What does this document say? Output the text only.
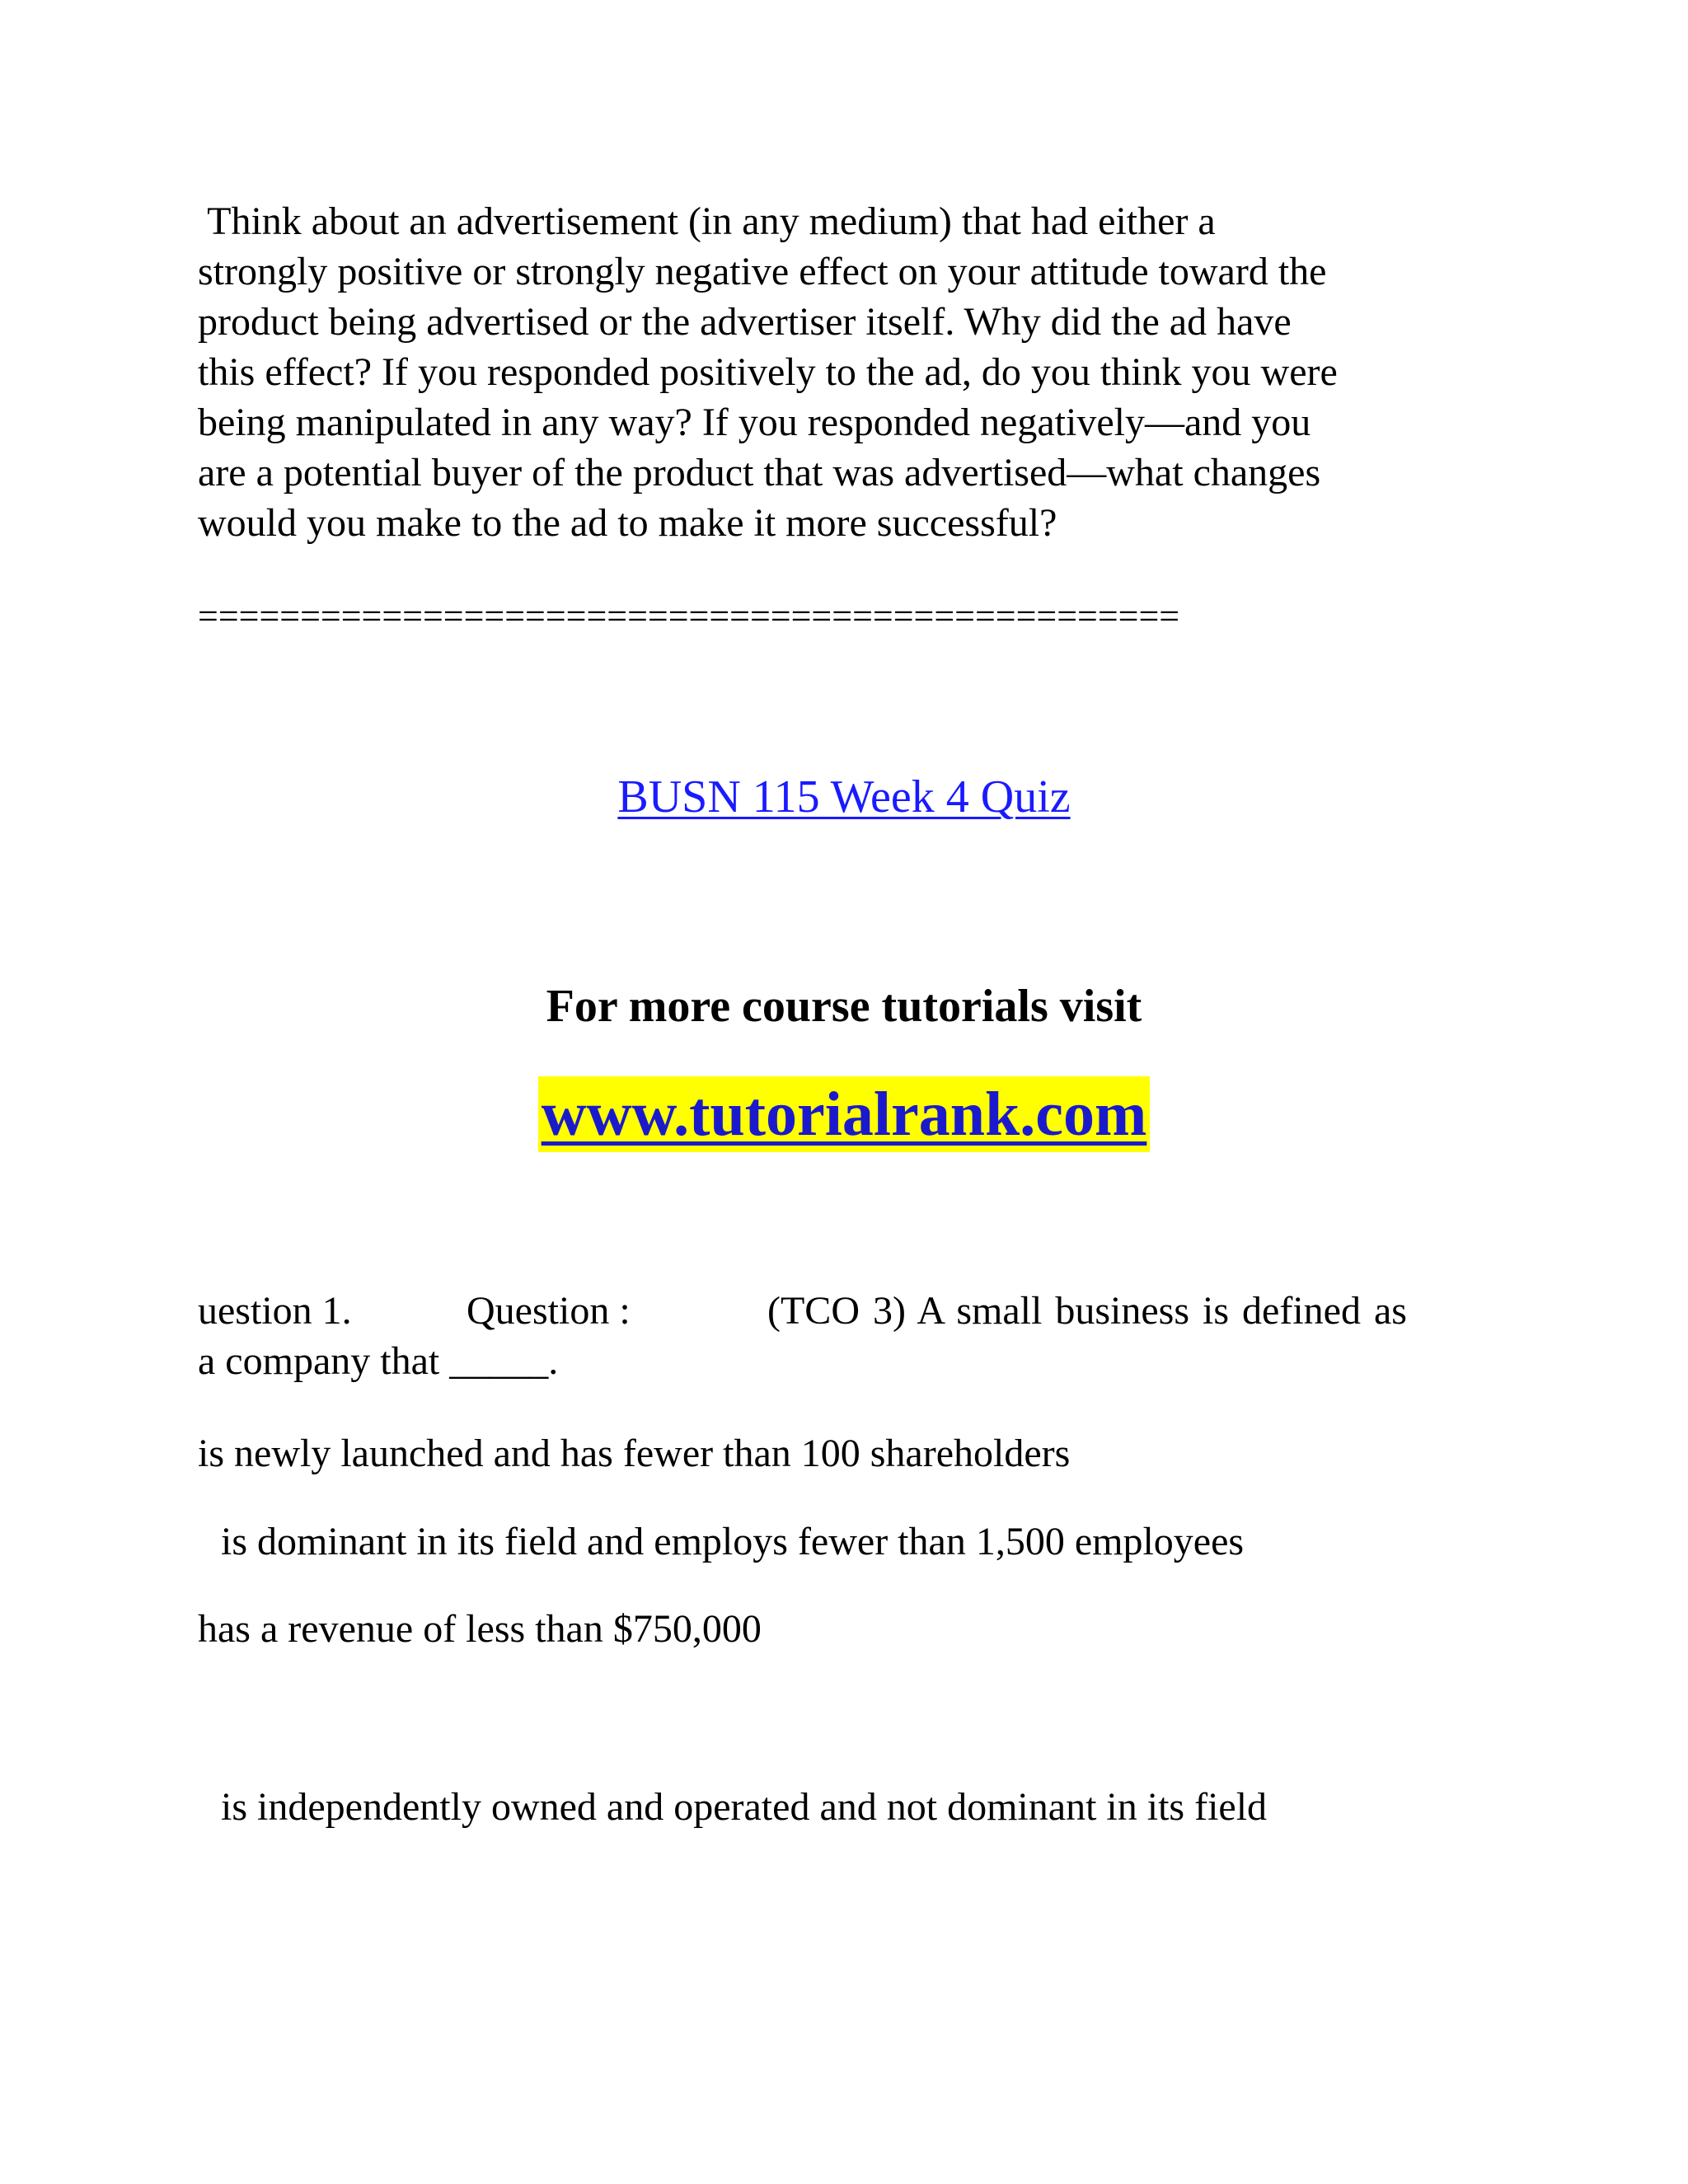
Think about an advertisement (in any medium) that had either a
strongly positive or strongly negative effect on your attitude toward the
product being advertised or the advertiser itself. Why did the ad have
this effect? If you responded positively to the ad, do you think you were
being manipulated in any way? If you responded negatively—and you
are a potential buyer of the product that was advertised—what changes
would you make to the ad to make it more successful?
================================================
BUSN 115 Week 4 Quiz
For more course tutorials visit
www.tutorialrank.com
uestion 1.	Question :	(TCO 3) A small business is defined as
a company that _____.
is newly launched and has fewer than 100 shareholders
is dominant in its field and employs fewer than 1,500 employees
has a revenue of less than $750,000
is independently owned and operated and not dominant in its field
